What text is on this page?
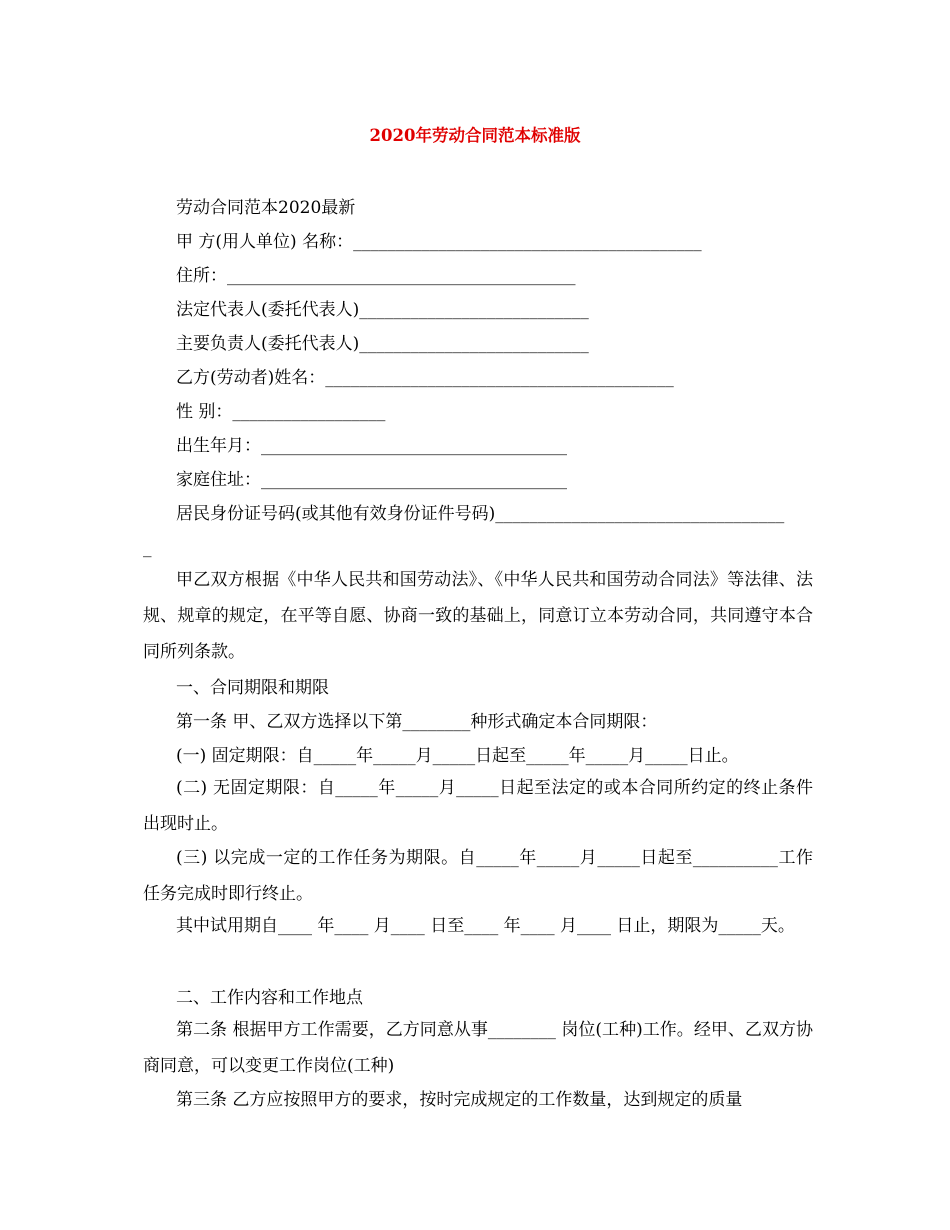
2020年劳动合同范本标准版
劳动合同范本2020最新
甲 方(用人单位) 名称：_________________________________________
住所：_________________________________________
法定代表人(委托代表人)___________________________
主要负责人(委托代表人)___________________________
乙方(劳动者)姓名：_________________________________________
性 别：__________________
出生年月：____________________________________
家庭住址：____________________________________
居民身份证号码(或其他有效身份证件号码)__________________________________
_
甲乙双方根据《中华人民共和国劳动法》、《中华人民共和国劳动合同法》等法律、法规、规章的规定，在平等自愿、协商一致的基础上，同意订立本劳动合同，共同遵守本合同所列条款。
一、合同期限和期限
第一条 甲、乙双方选择以下第________种形式确定本合同期限：
(一) 固定期限：自_____年_____月_____日起至_____年_____月_____日止。
(二) 无固定期限：自_____年_____月_____日起至法定的或本合同所约定的终止条件出现时止。
(三) 以完成一定的工作任务为期限。自_____年_____月_____日起至__________工作任务完成时即行终止。
其中试用期自____ 年____ 月____ 日至____ 年____ 月____ 日止，期限为_____天。
二、工作内容和工作地点
第二条 根据甲方工作需要，乙方同意从事________ 岗位(工种)工作。经甲、乙双方协商同意，可以变更工作岗位(工种)
第三条 乙方应按照甲方的要求，按时完成规定的工作数量，达到规定的质量
